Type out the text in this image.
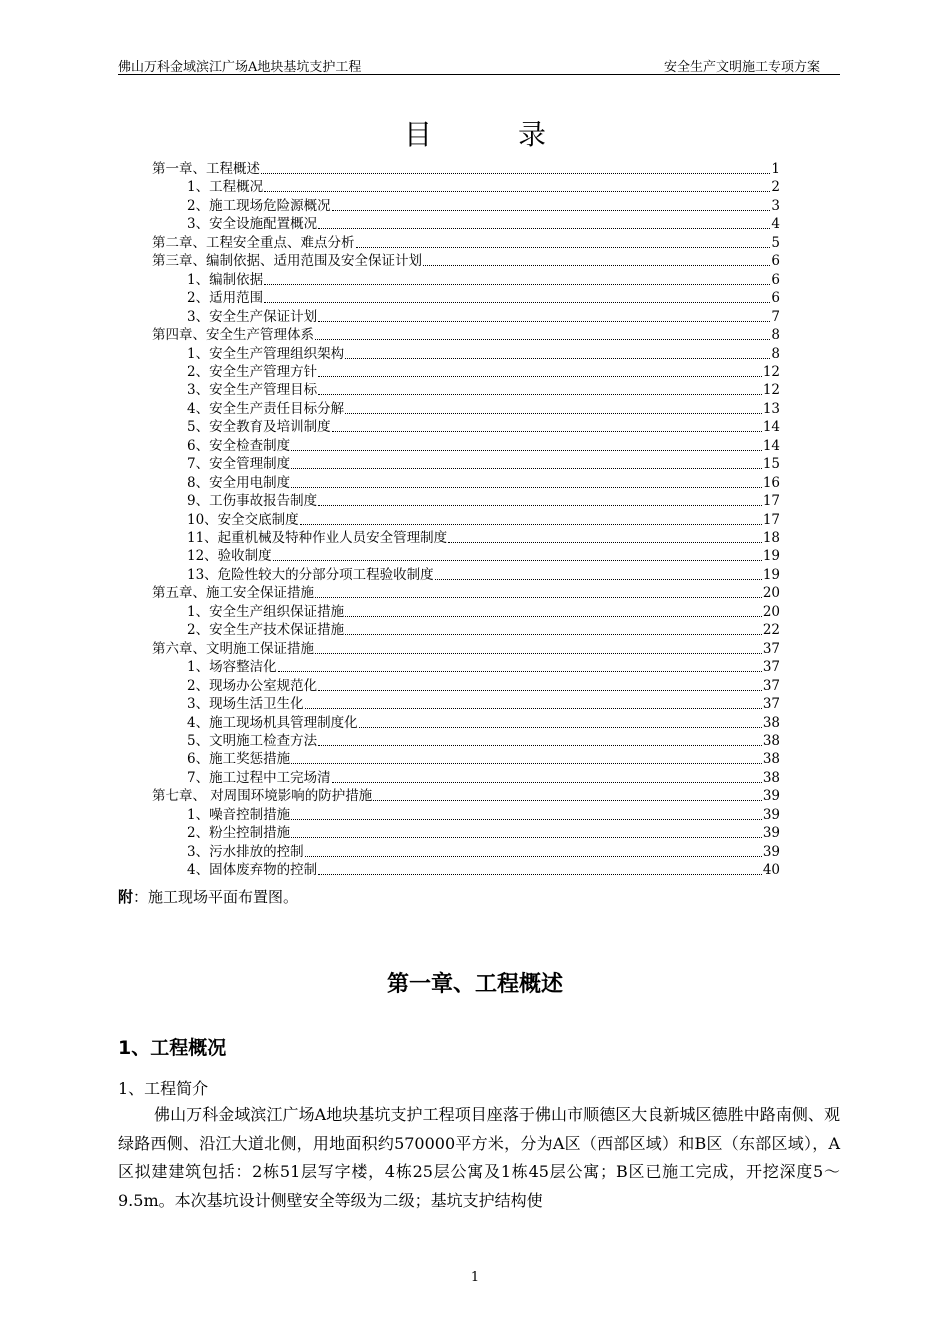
佛山万科金域滨江广场A地块基坑支护工程	安全生产文明施工专项方案
目	录
第一章、工程概述	1
1、工程概况	2
2、施工现场危险源概况	3
3、安全设施配置概况	4
第二章、工程安全重点、难点分析	5
第三章、编制依据、适用范围及安全保证计划	6
1、编制依据	6
2、适用范围	6
3、安全生产保证计划	7
第四章、安全生产管理体系	8
1、安全生产管理组织架构	8
2、安全生产管理方针	12
3、安全生产管理目标	12
4、安全生产责任目标分解	13
5、安全教育及培训制度	14
6、安全检查制度	14
7、安全管理制度	15
8、安全用电制度	16
9、工伤事故报告制度	17
10、安全交底制度	17
11、起重机械及特种作业人员安全管理制度	18
12、验收制度	19
13、危险性较大的分部分项工程验收制度	19
第五章、施工安全保证措施	20
1、安全生产组织保证措施	20
2、安全生产技术保证措施	22
第六章、文明施工保证措施	37
1、场容整洁化	37
2、现场办公室规范化	37
3、现场生活卫生化	37
4、施工现场机具管理制度化	38
5、文明施工检查方法	38
6、施工奖惩措施	38
7、施工过程中工完场清	38
第七章、 对周围环境影响的防护措施	39
1、噪音控制措施	39
2、粉尘控制措施	39
3、污水排放的控制	39
4、固体废弃物的控制	40
附：施工现场平面布置图。
第一章、工程概述
1、工程概况
1、工程简介
佛山万科金域滨江广场A地块基坑支护工程项目座落于佛山市顺德区大良新城区德胜中路南侧、观绿路西侧、沿江大道北侧，用地面积约570000平方米，分为A区（西部区域）和B区（东部区域），A区拟建建筑包括：2栋51层写字楼，4栋25层公寓及1栋45层公寓；B区已施工完成，开挖深度5～9.5m。本次基坑设计侧壁安全等级为二级；基坑支护结构使
1
